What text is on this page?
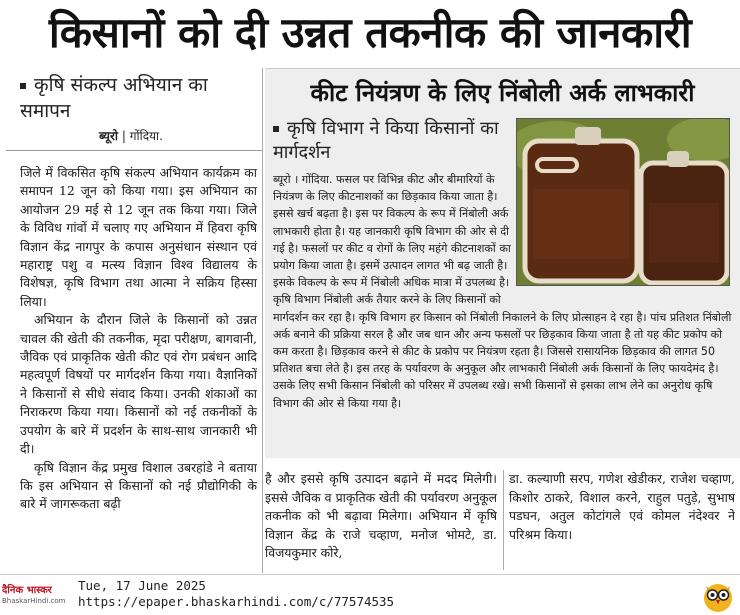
किसानों को दी उन्नत तकनीक की जानकारी
कृषि संकल्प अभियान का समापन
ब्यूरो | गोंदिया.

जिले में विकसित कृषि संकल्प अभियान कार्यक्रम का समापन 12 जून को किया गया। इस अभियान का आयोजन 29 मई से 12 जून तक किया गया। जिले के विविध गांवों में चलाए गए अभियान में हिवरा कृषि विज्ञान केंद्र नागपुर के कपास अनुसंधान संस्थान एवं महाराष्ट्र पशु व मत्स्य विज्ञान विश्व विद्यालय के विशेषज्ञ, कृषि विभाग तथा आत्मा ने सक्रिय हिस्सा लिया।

अभियान के दौरान जिले के किसानों को उन्नत चावल की खेती की तकनीक, मृदा परीक्षण, बागवानी, जैविक एवं प्राकृतिक खेती कीट एवं रोग प्रबंधन आदि महत्वपूर्ण विषयों पर मार्गदर्शन किया गया। वैज्ञानिकों ने किसानों से सीधे संवाद किया। उनकी शंकाओं का निराकरण किया गया। किसानों को नई तकनीकों के उपयोग के बारे में प्रदर्शन के साथ-साथ जानकारी भी दी।

कृषि विज्ञान केंद्र प्रमुख विशाल उबरहांडे ने बताया कि इस अभियान से किसानों को नई प्रौद्योगिकी के बारे में जागरूकता बढ़ी

कीट नियंत्रण के लिए निंबोली अर्क लाभकारी
कृषि विभाग ने किया किसानों का मार्गदर्शन
ब्यूरो । गोंदिया. फसल पर विभिन्न कीट और बीमारियों के नियंत्रण के लिए कीटनाशकों का छिड़काव किया जाता है। इससे खर्च बढ़ता है। इस पर विकल्प के रूप में निंबोली अर्क लाभकारी होता है। यह जानकारी कृषि विभाग की ओर से दी गई है। फसलों पर कीट व रोगों के लिए महंगे कीटनाशकों का प्रयोग किया जाता है। इसमें उत्पादन लागत भी बढ़ जाती है। इसके विकल्प के रूप में निंबोली अधिक मात्रा में उपलब्ध है। कृषि विभाग निंबोली अर्क तैयार करने के लिए किसानों को मार्गदर्शन कर रहा है। कृषि विभाग हर किसान को निंबोली निकालने के लिए प्रोत्साहन दे रहा है। पांच प्रतिशत निंबोली अर्क बनाने की प्रक्रिया सरल है और जब धान और अन्य फसलों पर छिड़काव किया जाता है तो यह कीट प्रकोप को कम करता है। छिड़काव करने से कीट के प्रकोप पर नियंत्रण रहता है। जिससे रासायनिक छिड़काव की लागत 50 प्रतिशत बचा लेते है। इस तरह के पर्यावरण के अनुकूल और लाभकारी निंबोली अर्क किसानों के लिए फायदेमंद है। उसके लिए सभी किसान निंबोली को परिसर में उपलब्ध रखे। सभी किसानों से इसका लाभ लेने का अनुरोध कृषि विभाग की ओर से किया गया है।
है और इससे कृषि उत्पादन बढ़ाने में मदद मिलेगी। इससे जैविक व प्राकृतिक खेती की पर्यावरण अनुकूल तकनीक को भी बढ़ावा मिलेगा। अभियान में कृषि विज्ञान केंद्र के राजे चव्हाण, मनोज भोमटे, डा. विजयकुमार कोरे,
डा. कल्याणी सरप, गणेश खेडीकर, राजेश चव्हाण, किशोर ठाकरे, विशाल करने, राहुल पतुड़े, सुभाष पडघन, अतुल कोटांगले एवं कोमल नंदेश्वर ने परिश्रम किया।
दैनिक भास्कर
BhaskarHindi.com
Tue, 17 June 2025
https://epaper.bhaskarhindi.com/c/77574535
